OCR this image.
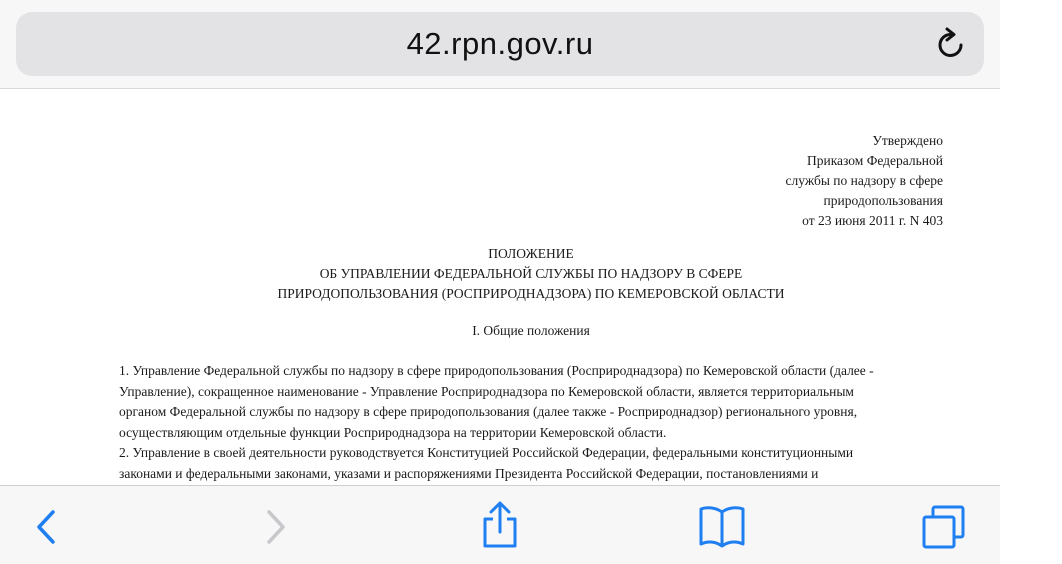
42.rpn.gov.ru
Утверждено
Приказом Федеральной
службы по надзору в сфере
природопользования
от 23 июня 2011 г. N 403
ПОЛОЖЕНИЕ
ОБ УПРАВЛЕНИИ ФЕДЕРАЛЬНОЙ СЛУЖБЫ ПО НАДЗОРУ В СФЕРЕ
ПРИРОДОПОЛЬЗОВАНИЯ (РОСПРИРОДНАДЗОРА) ПО КЕМЕРОВСКОЙ ОБЛАСТИ
I. Общие положения

1. Управление Федеральной службы по надзору в сфере природопользования (Росприроднадзора) по Кемеровской области (далее -

Управление), сокращенное наименование - Управление Росприроднадзора по Кемеровской области, является территориальным

органом Федеральной службы по надзору в сфере природопользования (далее также - Росприроднадзор) регионального уровня,

осуществляющим отдельные функции Росприроднадзора на территории Кемеровской области.

2. Управление в своей деятельности руководствуется Конституцией Российской Федерации, федеральными конституционными

законами и федеральными законами, указами и распоряжениями Президента Российской Федерации, постановлениями и
